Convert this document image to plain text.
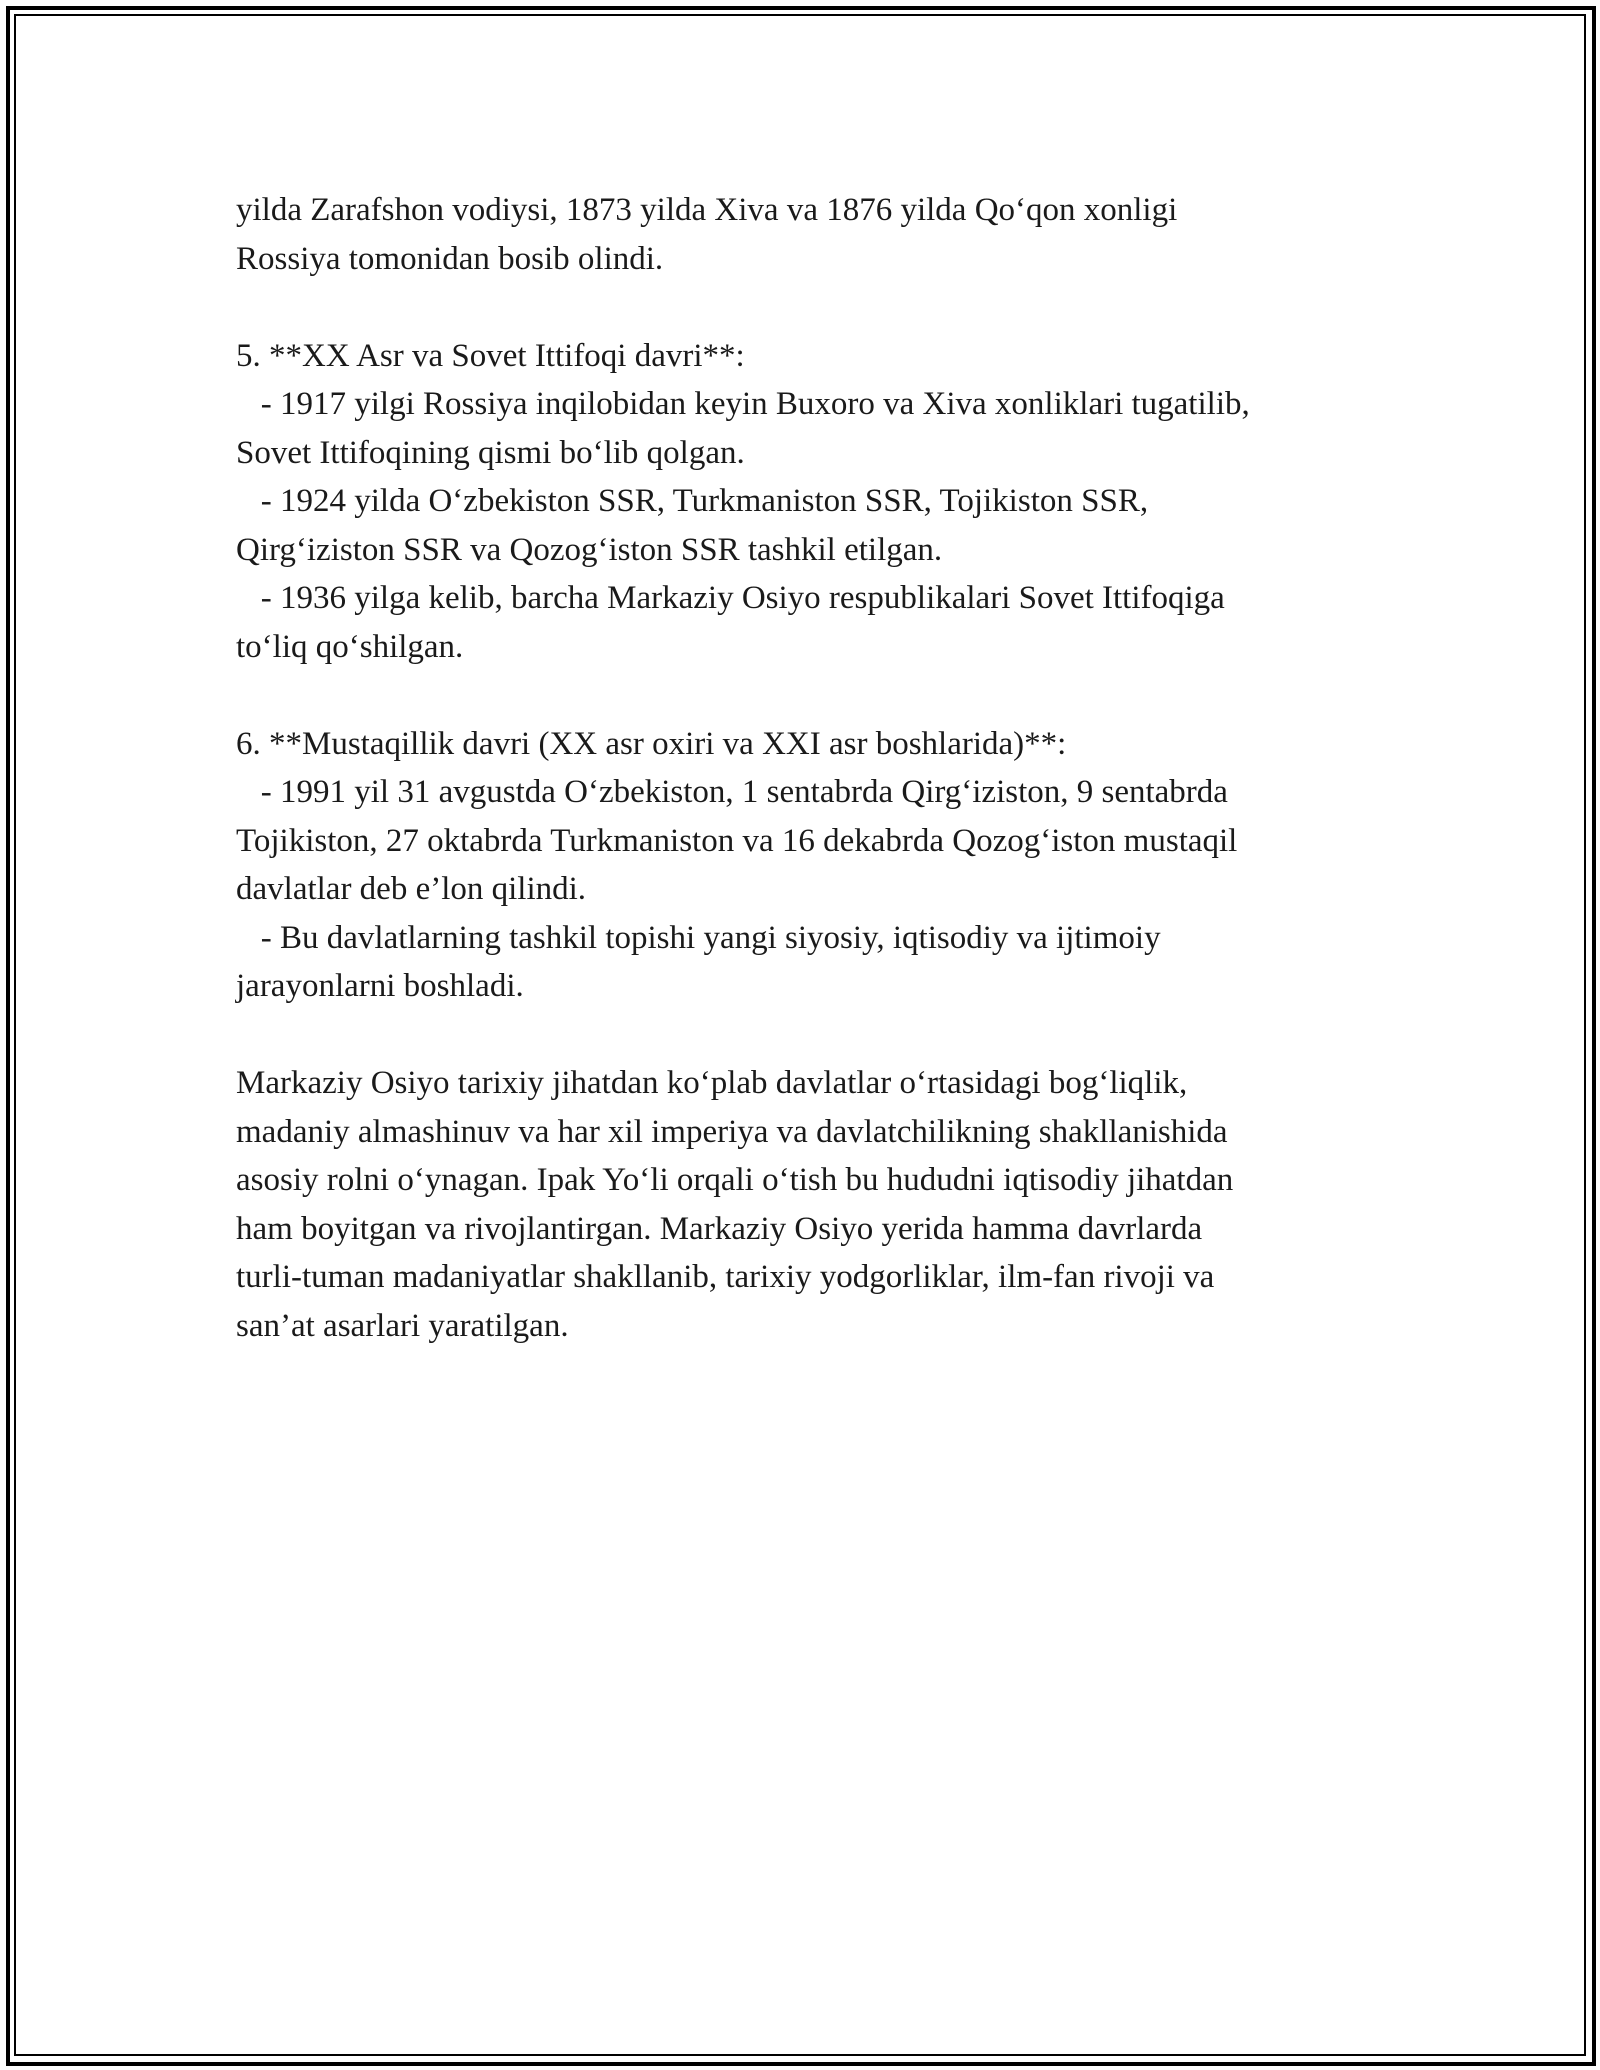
yilda Zarafshon vodiysi, 1873 yilda Xiva va 1876 yilda Qo‘qon xonligi
Rossiya tomonidan bosib olindi.
5. **XX Asr va Sovet Ittifoqi davri**:
- 1917 yilgi Rossiya inqilobidan keyin Buxoro va Xiva xonliklari tugatilib,
Sovet Ittifoqining qismi bo‘lib qolgan.
- 1924 yilda O‘zbekiston SSR, Turkmaniston SSR, Tojikiston SSR,
Qirg‘iziston SSR va Qozog‘iston SSR tashkil etilgan.
- 1936 yilga kelib, barcha Markaziy Osiyo respublikalari Sovet Ittifoqiga
to‘liq qo‘shilgan.
6. **Mustaqillik davri (XX asr oxiri va XXI asr boshlarida)**:
- 1991 yil 31 avgustda O‘zbekiston, 1 sentabrda Qirg‘iziston, 9 sentabrda
Tojikiston, 27 oktabrda Turkmaniston va 16 dekabrda Qozog‘iston mustaqil
davlatlar deb e’lon qilindi.
- Bu davlatlarning tashkil topishi yangi siyosiy, iqtisodiy va ijtimoiy
jarayonlarni boshladi.
Markaziy Osiyo tarixiy jihatdan ko‘plab davlatlar o‘rtasidagi bog‘liqlik,
madaniy almashinuv va har xil imperiya va davlatchilikning shakllanishida
asosiy rolni o‘ynagan. Ipak Yo‘li orqali o‘tish bu hududni iqtisodiy jihatdan
ham boyitgan va rivojlantirgan. Markaziy Osiyo yerida hamma davrlarda
turli-tuman madaniyatlar shakllanib, tarixiy yodgorliklar, ilm-fan rivoji va
san’at asarlari yaratilgan.
